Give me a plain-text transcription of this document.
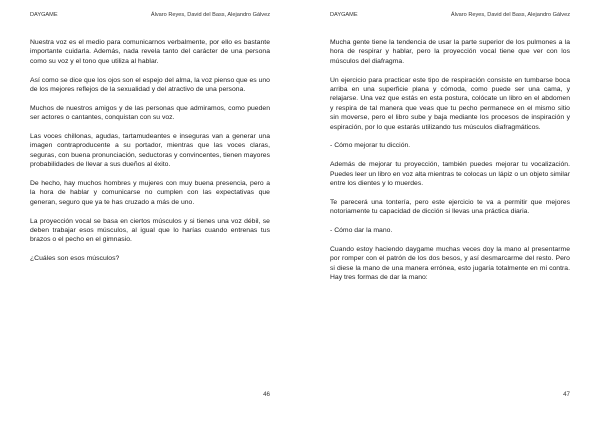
DAYGAME	Álvaro Reyes, David del Bass, Alejandro Gálvez

Nuestra voz es el medio para comunicarnos verbalmente, por ello es bastante importante cuidarla. Además, nada revela tanto del carácter de una persona como su voz y el tono que utiliza al hablar.

Así como se dice que los ojos son el espejo del alma, la voz pienso que es uno de los mejores reflejos de la sexualidad y del atractivo de una persona.

Muchos de nuestros amigos y de las personas que admiramos, como pueden ser actores o cantantes, conquistan con su voz.

Las voces chillonas, agudas, tartamudeantes e inseguras van a generar una imagen contraproducente a su portador, mientras que las voces claras, seguras, con buena pronunciación, seductoras y convincentes, tienen mayores probabilidades de llevar a sus dueños al éxito.

De hecho, hay muchos hombres y mujeres con muy buena presencia, pero a la hora de hablar y comunicarse no cumplen con las expectativas que generan, seguro que ya te has cruzado a más de uno.

La proyección vocal se basa en ciertos músculos y si tienes una voz débil, se deben trabajar esos músculos, al igual que lo harías cuando entrenas tus brazos o el pecho en el gimnasio.

¿Cuáles son esos músculos?

46
DAYGAME	Álvaro Reyes, David del Bass, Alejandro Gálvez

Mucha gente tiene la tendencia de usar la parte superior de los pulmones a la hora de respirar y hablar, pero la proyección vocal tiene que ver con los músculos del diafragma.

Un ejercicio para practicar este tipo de respiración consiste en tumbarse boca arriba en una superficie plana y cómoda, como puede ser una cama, y relajarse. Una vez que estás en esta postura, colócate un libro en el abdomen y respira de tal manera que veas que tu pecho permanece en el mismo sitio sin moverse, pero el libro sube y baja mediante los procesos de inspiración y espiración, por lo que estarás utilizando tus músculos diafragmáticos.

- Cómo mejorar tu dicción.

Además de mejorar tu proyección, también puedes mejorar tu vocalización. Puedes leer un libro en voz alta mientras te colocas un lápiz o un objeto similar entre los dientes y lo muerdes.

Te parecerá una tontería, pero este ejercicio te va a permitir que mejores notoriamente tu capacidad de dicción si llevas una práctica diaria.

- Cómo dar la mano.

Cuando estoy haciendo daygame muchas veces doy la mano al presentarme por romper con el patrón de los dos besos, y así desmarcarme del resto. Pero si diese la mano de una manera errónea, esto jugaría totalmente en mi contra. Hay tres formas de dar la mano:

47
